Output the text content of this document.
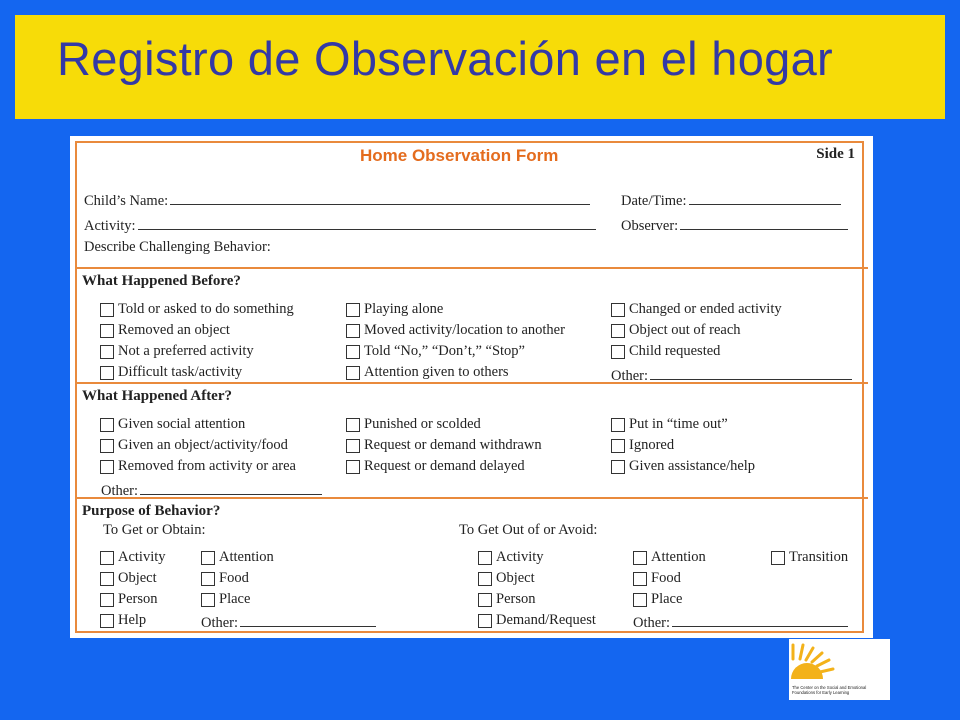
Registro de Observación en el hogar
Home Observation Form	Side 1
Child’s Name:	Date/Time:
Activity:	Observer:
Describe Challenging Behavior:
What Happened Before?
Told or asked to do something
Removed an object
Not a preferred activity
Difficult task/activity
Playing alone
Moved activity/location to another
Told “No,” “Don’t,” “Stop”
Attention given to others
Changed or ended activity
Object out of reach
Child requested
Other:
What Happened After?
Given social attention
Given an object/activity/food
Removed from activity or area
Punished or scolded
Request or demand withdrawn
Request or demand delayed
Put in “time out”
Ignored
Given assistance/help
Other:
Purpose of Behavior?
To Get or Obtain:	To Get Out of or Avoid:
Activity
Object
Person
Help
Attention
Food
Place
Other:
Activity
Object
Person
Demand/Request
Attention
Food
Place
Transition
Other:
The Center on the Social and Emotional Foundations for Early Learning
